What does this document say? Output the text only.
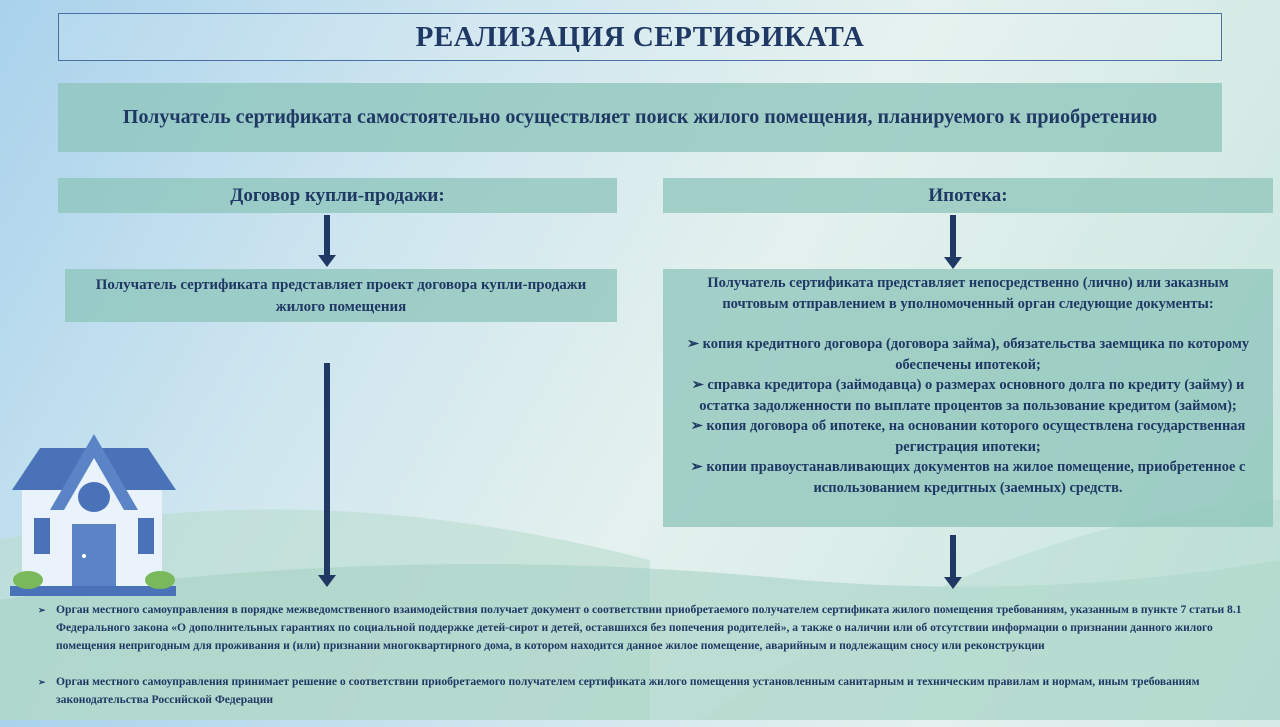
РЕАЛИЗАЦИЯ СЕРТИФИКАТА
Получатель сертификата самостоятельно осуществляет поиск жилого помещения, планируемого к приобретению
Договор купли-продажи:	Ипотека:
Получатель сертификата представляет проект договора купли-продажи жилого помещения
Получатель сертификата представляет непосредственно (лично) или заказным почтовым отправлением в уполномоченный орган следующие документы:
➢ копия кредитного договора (договора займа), обязательства заемщика по которому обеспечены ипотекой;
➢ справка кредитора (займодавца) о размерах основного долга по кредиту (займу) и остатка задолженности по выплате процентов за пользование кредитом (займом);
➢ копия договора об ипотеке, на основании которого осуществлена государственная регистрация ипотеки;
➢ копии правоустанавливающих документов на жилое помещение, приобретенное с использованием кредитных (заемных) средств.
➢ Орган местного самоуправления в порядке межведомственного взаимодействия получает документ о соответствии приобретаемого получателем сертификата жилого помещения требованиям, указанным в пункте 7 статьи 8.1 Федерального закона «О дополнительных гарантиях по социальной поддержке детей-сирот и детей, оставшихся без попечения родителей», а также о наличии или об отсутствии информации о признании данного жилого помещения непригодным для проживания и (или) признании многоквартирного дома, в котором находится данное жилое помещение, аварийным и подлежащим сносу или реконструкции
➢ Орган местного самоуправления принимает решение о соответствии приобретаемого получателем сертификата жилого помещения установленным санитарным и техническим правилам и нормам, иным требованиям законодательства Российской Федерации
